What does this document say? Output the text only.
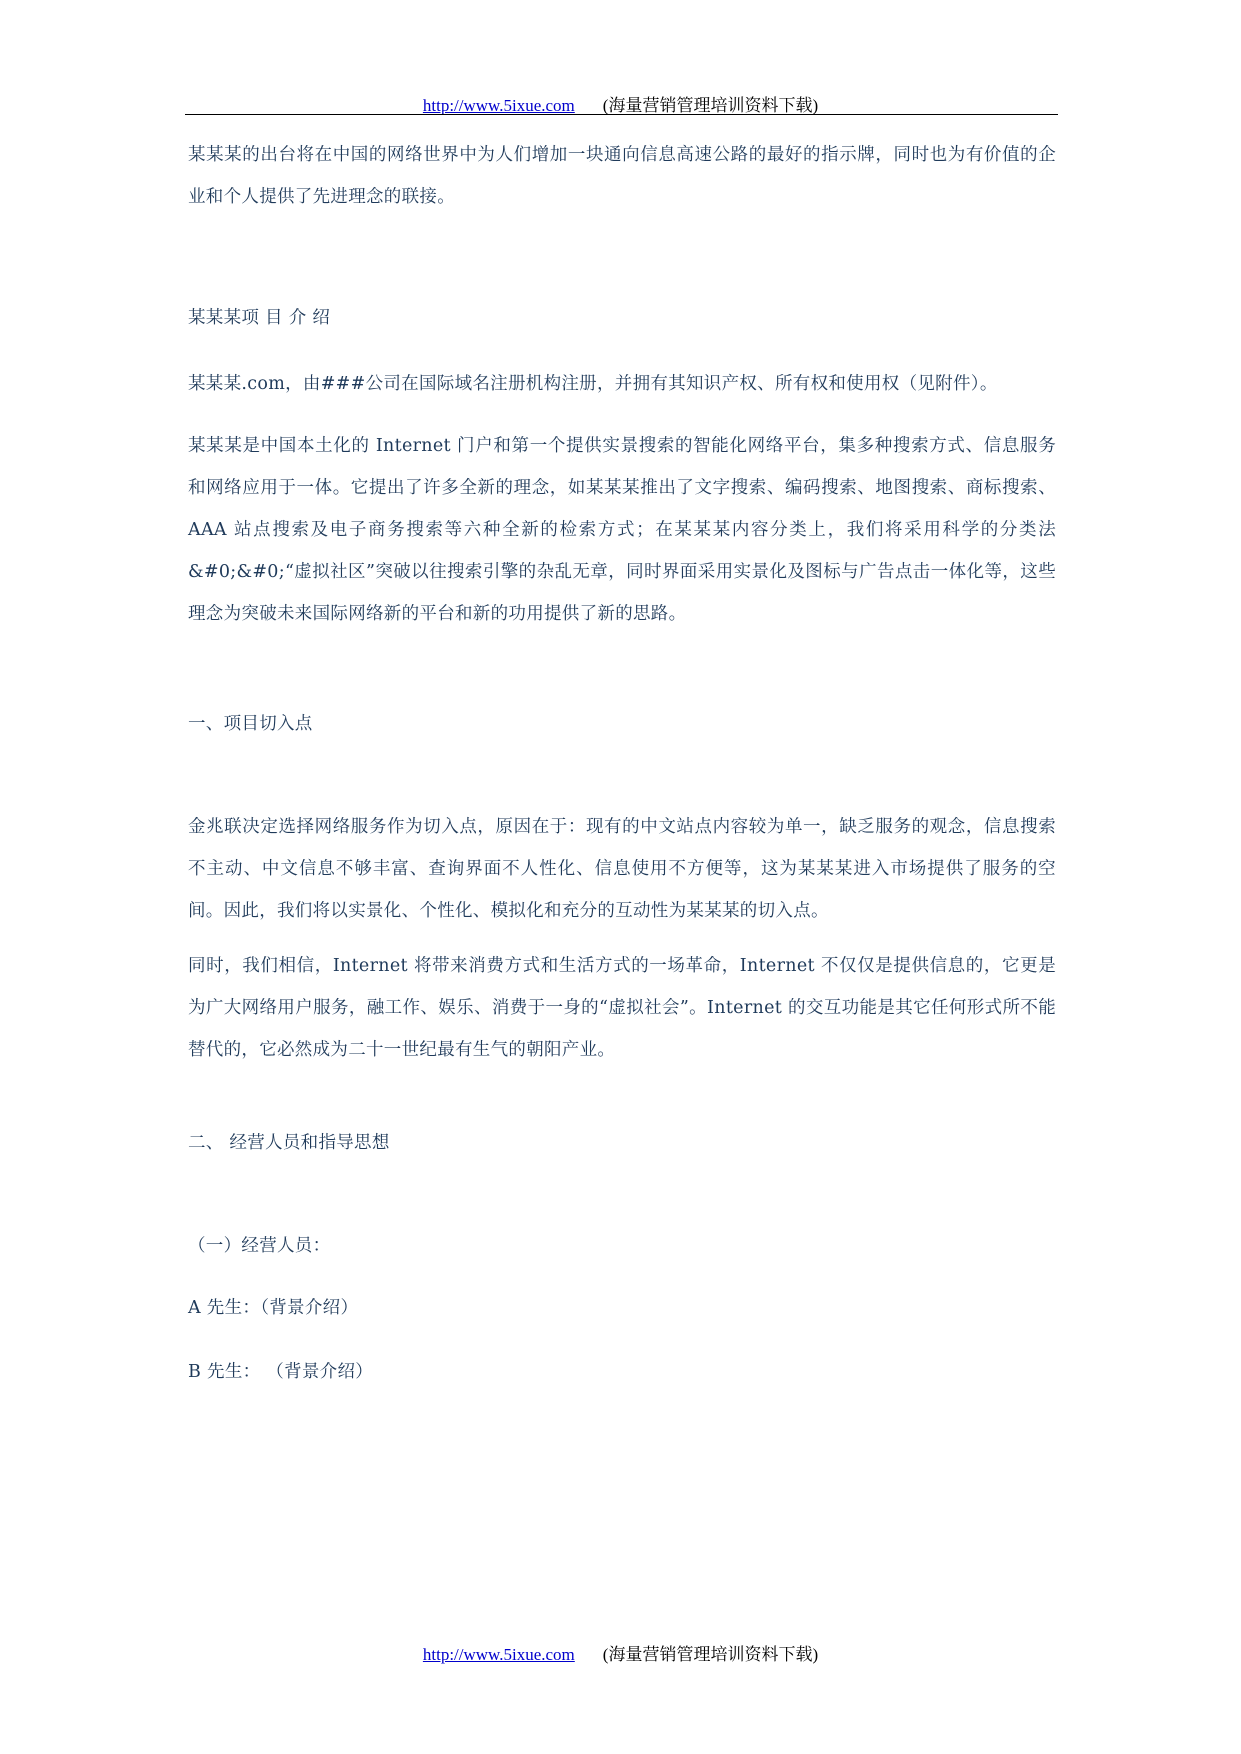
http://www.5ixue.com (海量营销管理培训资料下载)
某某某的出台将在中国的网络世界中为人们增加一块通向信息高速公路的最好的指示牌，同时也为有价值的企业和个人提供了先进理念的联接。
某某某项 目 介 绍
某某某.com，由###公司在国际域名注册机构注册，并拥有其知识产权、所有权和使用权（见附件）。
某某某是中国本土化的 Internet 门户和第一个提供实景搜索的智能化网络平台，集多种搜索方式、信息服务和网络应用于一体。它提出了许多全新的理念，如某某某推出了文字搜索、编码搜索、地图搜索、商标搜索、AAA 站点搜索及电子商务搜索等六种全新的检索方式；在某某某内容分类上，我们将采用科学的分类法&#0;&#0;“虚拟社区”突破以往搜索引擎的杂乱无章，同时界面采用实景化及图标与广告点击一体化等，这些理念为突破未来国际网络新的平台和新的功用提供了新的思路。
一、项目切入点
金兆联决定选择网络服务作为切入点，原因在于：现有的中文站点内容较为单一，缺乏服务的观念，信息搜索不主动、中文信息不够丰富、查询界面不人性化、信息使用不方便等，这为某某某进入市场提供了服务的空间。因此，我们将以实景化、个性化、模拟化和充分的互动性为某某某的切入点。
同时，我们相信，Internet 将带来消费方式和生活方式的一场革命，Internet 不仅仅是提供信息的，它更是为广大网络用户服务，融工作、娱乐、消费于一身的“虚拟社会”。Internet 的交互功能是其它任何形式所不能替代的，它必然成为二十一世纪最有生气的朝阳产业。
二、 经营人员和指导思想
（一）经营人员：
A 先生：（背景介绍）
B 先生： （背景介绍）
http://www.5ixue.com (海量营销管理培训资料下载)
